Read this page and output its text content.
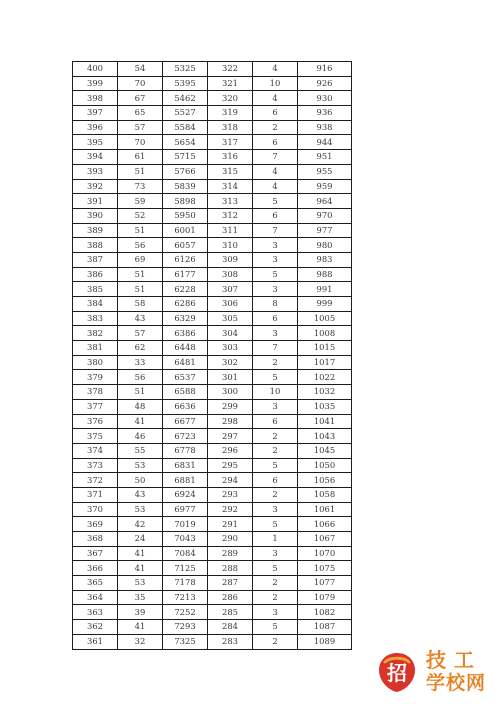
400	54	5325	322	4	916
399	70	5395	321	10	926
398	67	5462	320	4	930
397	65	5527	319	6	936
396	57	5584	318	2	938
395	70	5654	317	6	944
394	61	5715	316	7	951
393	51	5766	315	4	955
392	73	5839	314	4	959
391	59	5898	313	5	964
390	52	5950	312	6	970
389	51	6001	311	7	977
388	56	6057	310	3	980
387	69	6126	309	3	983
386	51	6177	308	5	988
385	51	6228	307	3	991
384	58	6286	306	8	999
383	43	6329	305	6	1005
382	57	6386	304	3	1008
381	62	6448	303	7	1015
380	33	6481	302	2	1017
379	56	6537	301	5	1022
378	51	6588	300	10	1032
377	48	6636	299	3	1035
376	41	6677	298	6	1041
375	46	6723	297	2	1043
374	55	6778	296	2	1045
373	53	6831	295	5	1050
372	50	6881	294	6	1056
371	43	6924	293	2	1058
370	53	6977	292	3	1061
369	42	7019	291	5	1066
368	24	7043	290	1	1067
367	41	7084	289	3	1070
366	41	7125	288	5	1075
365	53	7178	287	2	1077
364	35	7213	286	2	1079
363	39	7252	285	3	1082
362	41	7293	284	5	1087
361	32	7325	283	2	1089
招
技工
学校网
